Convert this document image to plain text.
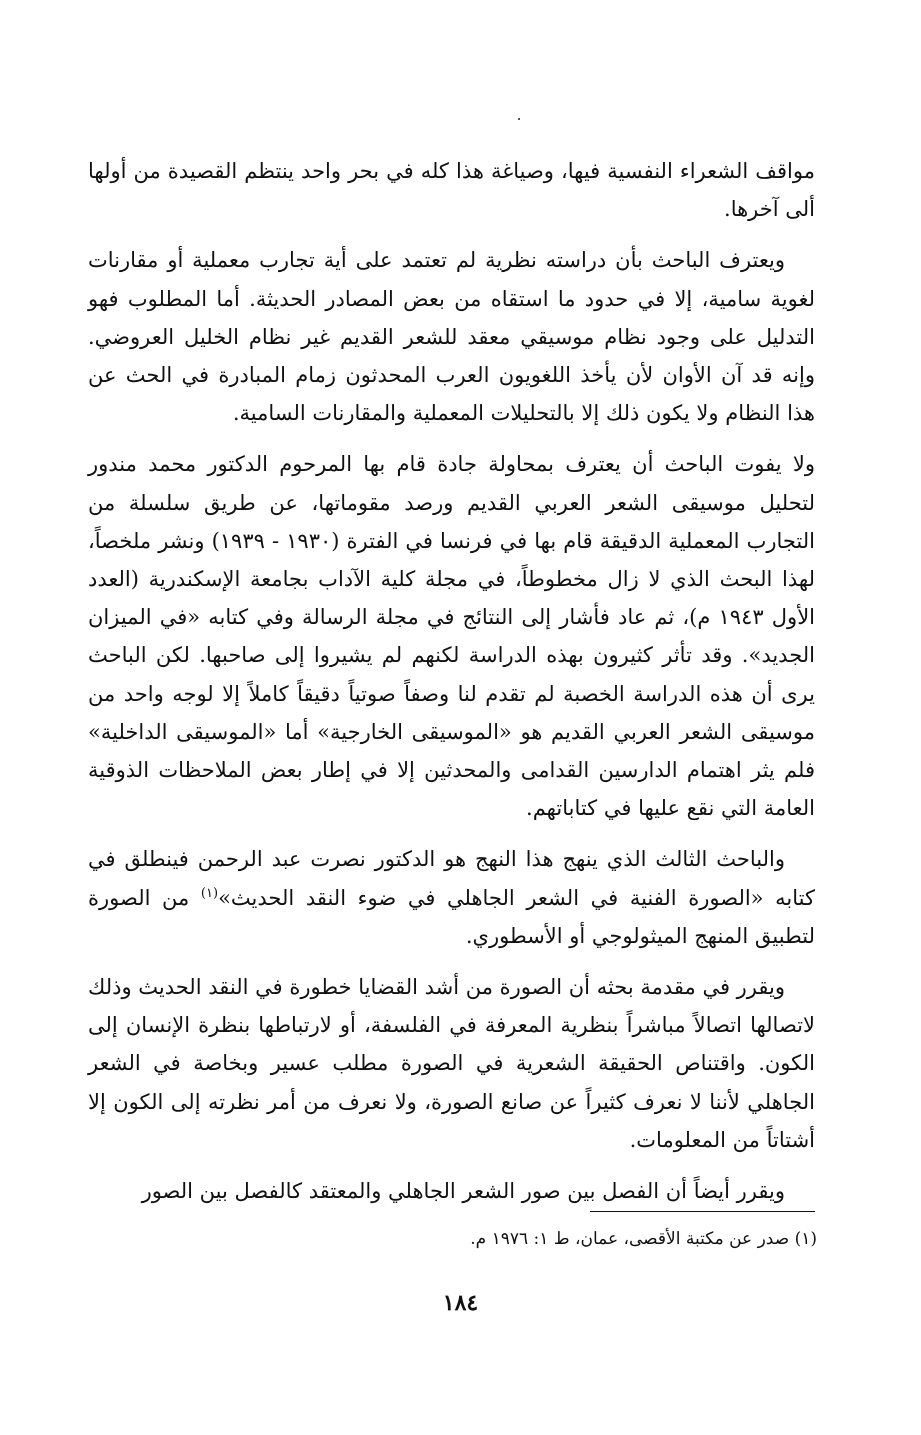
مواقف الشعراء النفسية فيها، وصياغة هذا كله في بحر واحد ينتظم القصيدة من أولها ألى آخرها.

ويعترف الباحث بأن دراسته نظرية لم تعتمد على أية تجارب معملية أو مقارنات لغوية سامية، إلا في حدود ما استقاه من بعض المصادر الحديثة. أما المطلوب فهو التدليل على وجود نظام موسيقي معقد للشعر القديم غير نظام الخليل العروضي. وإنه قد آن الأوان لأن يأخذ اللغويون العرب المحدثون زمام المبادرة في الحث عن هذا النظام ولا يكون ذلك إلا بالتحليلات المعملية والمقارنات السامية.

ولا يفوت الباحث أن يعترف بمحاولة جادة قام بها المرحوم الدكتور محمد مندور لتحليل موسيقى الشعر العربي القديم ورصد مقوماتها، عن طريق سلسلة من التجارب المعملية الدقيقة قام بها في فرنسا في الفترة (١٩٣٠ - ١٩٣٩) ونشر ملخصاً، لهذا البحث الذي لا زال مخطوطاً، في مجلة كلية الآداب بجامعة الإسكندرية (العدد الأول ١٩٤٣ م)، ثم عاد فأشار إلى النتائج في مجلة الرسالة وفي كتابه «في الميزان الجديد». وقد تأثر كثيرون بهذه الدراسة لكنهم لم يشيروا إلى صاحبها. لكن الباحث يرى أن هذه الدراسة الخصبة لم تقدم لنا وصفاً صوتياً دقيقاً كاملاً إلا لوجه واحد من موسيقى الشعر العربي القديم هو «الموسيقى الخارجية» أما «الموسيقى الداخلية» فلم يثر اهتمام الدارسين القدامى والمحدثين إلا في إطار بعض الملاحظات الذوقية العامة التي نقع عليها في كتاباتهم.

والباحث الثالث الذي ينهج هذا النهج هو الدكتور نصرت عبد الرحمن فينطلق في كتابه «الصورة الفنية في الشعر الجاهلي في ضوء النقد الحديث»$^{(١)}$ من الصورة لتطبيق المنهج الميثولوجي أو الأسطوري.

ويقرر في مقدمة بحثه أن الصورة من أشد القضايا خطورة في النقد الحديث وذلك لاتصالها اتصالاً مباشراً بنظرية المعرفة في الفلسفة، أو لارتباطها بنظرة الإنسان إلى الكون. واقتناص الحقيقة الشعرية في الصورة مطلب عسير وبخاصة في الشعر الجاهلي لأننا لا نعرف كثيراً عن صانع الصورة، ولا نعرف من أمر نظرته إلى الكون إلا أشتاتاً من المعلومات.

ويقرر أيضاً أن الفصل بين صور الشعر الجاهلي والمعتقد كالفصل بين الصور

(١) صدر عن مكتبة الأقصى، عمان، ط ١: ١٩٧٦ م.
١٨٤
